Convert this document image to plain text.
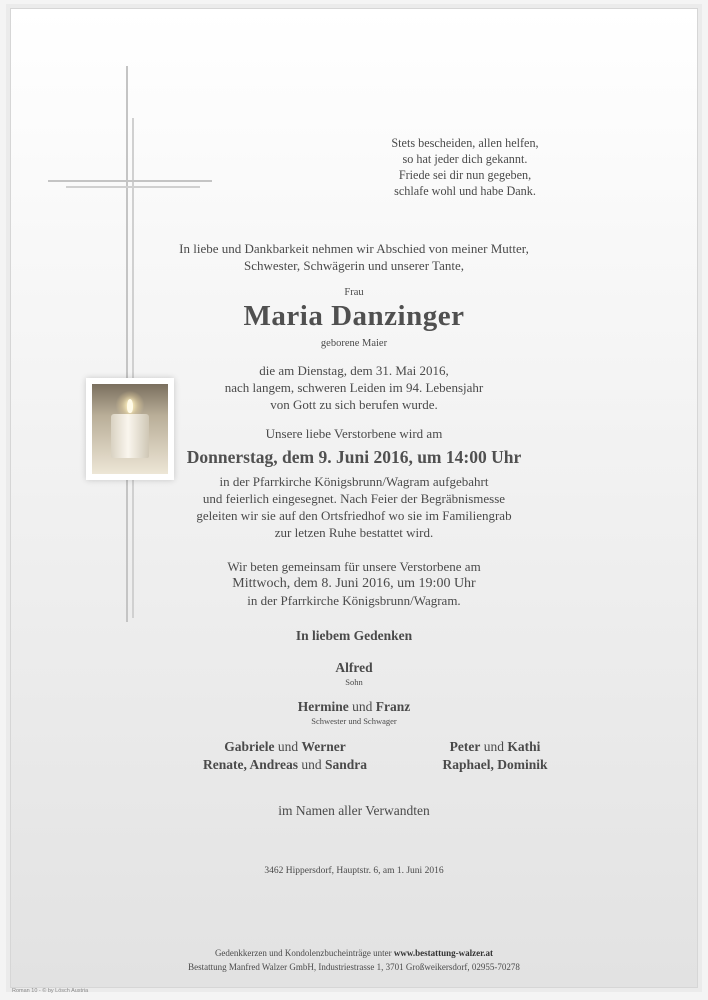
Stets bescheiden, allen helfen,
so hat jeder dich gekannt.
Friede sei dir nun gegeben,
schlafe wohl und habe Dank.
In liebe und Dankbarkeit nehmen wir Abschied von meiner Mutter,
Schwester, Schwägerin und unserer Tante,
Frau
Maria Danzinger
geborene Maier
die am Dienstag, dem 31. Mai 2016,
nach langem, schweren Leiden im 94. Lebensjahr
von Gott zu sich berufen wurde.
Unsere liebe Verstorbene wird am
Donnerstag, dem 9. Juni 2016, um 14:00 Uhr
in der Pfarrkirche Königsbrunn/Wagram aufgebahrt
und feierlich eingesegnet. Nach Feier der Begräbnismesse
geleiten wir sie auf den Ortsfriedhof wo sie im Familiengrab
zur letzen Ruhe bestattet wird.
Wir beten gemeinsam für unsere Verstorbene am
Mittwoch, dem 8. Juni 2016, um 19:00 Uhr
in der Pfarrkirche Königsbrunn/Wagram.
In liebem Gedenken
Alfred
Sohn
Hermine und Franz
Schwester und Schwager
Gabriele und Werner
Renate, Andreas und Sandra
Peter und Kathi
Raphael, Dominik
im Namen aller Verwandten
3462 Hippersdorf, Hauptstr. 6, am 1. Juni 2016
Gedenkkerzen und Kondolenzbucheinträge unter www.bestattung-walzer.at
Bestattung Manfred Walzer GmbH, Industriestrasse 1, 3701 Großweikersdorf, 02955-70278
Roman 10 - © by Lösch Austria
